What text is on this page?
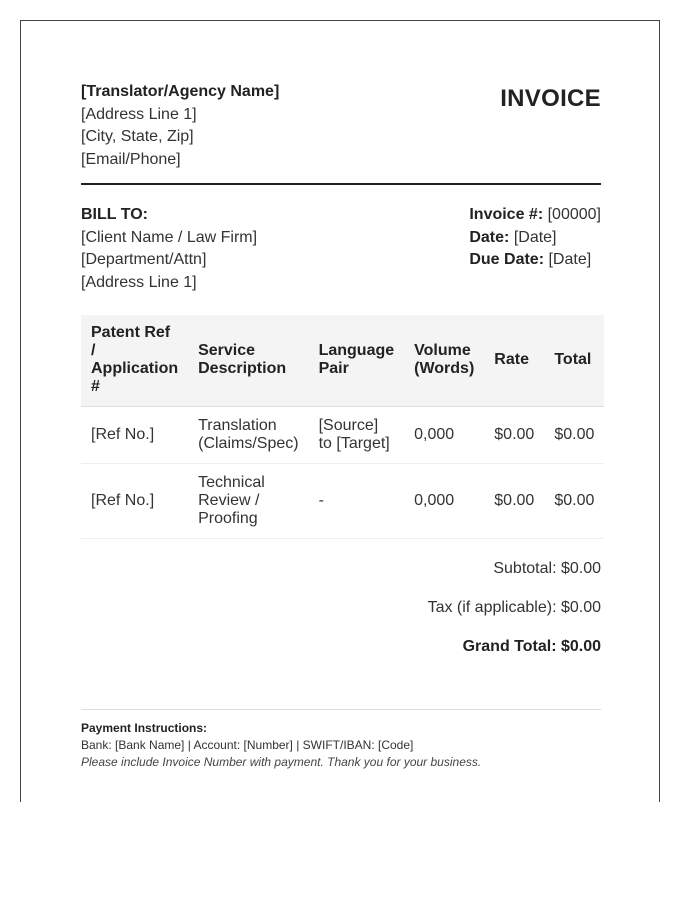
[Translator/Agency Name]
[Address Line 1]
[City, State, Zip]
[Email/Phone]
INVOICE
BILL TO:
[Client Name / Law Firm]
[Department/Attn]
[Address Line 1]
Invoice #: [00000]
Date: [Date]
Due Date: [Date]
Patent Ref / Application #	Service Description	Language Pair	Volume (Words)	Rate	Total
[Ref No.]	Translation (Claims/Spec)	[Source] to [Target]	0,000	$0.00	$0.00
[Ref No.]	Technical Review / Proofing	-	0,000	$0.00	$0.00
Subtotal: $0.00
Tax (if applicable): $0.00
Grand Total: $0.00
Payment Instructions:
Bank: [Bank Name] | Account: [Number] | SWIFT/IBAN: [Code]
Please include Invoice Number with payment. Thank you for your business.
